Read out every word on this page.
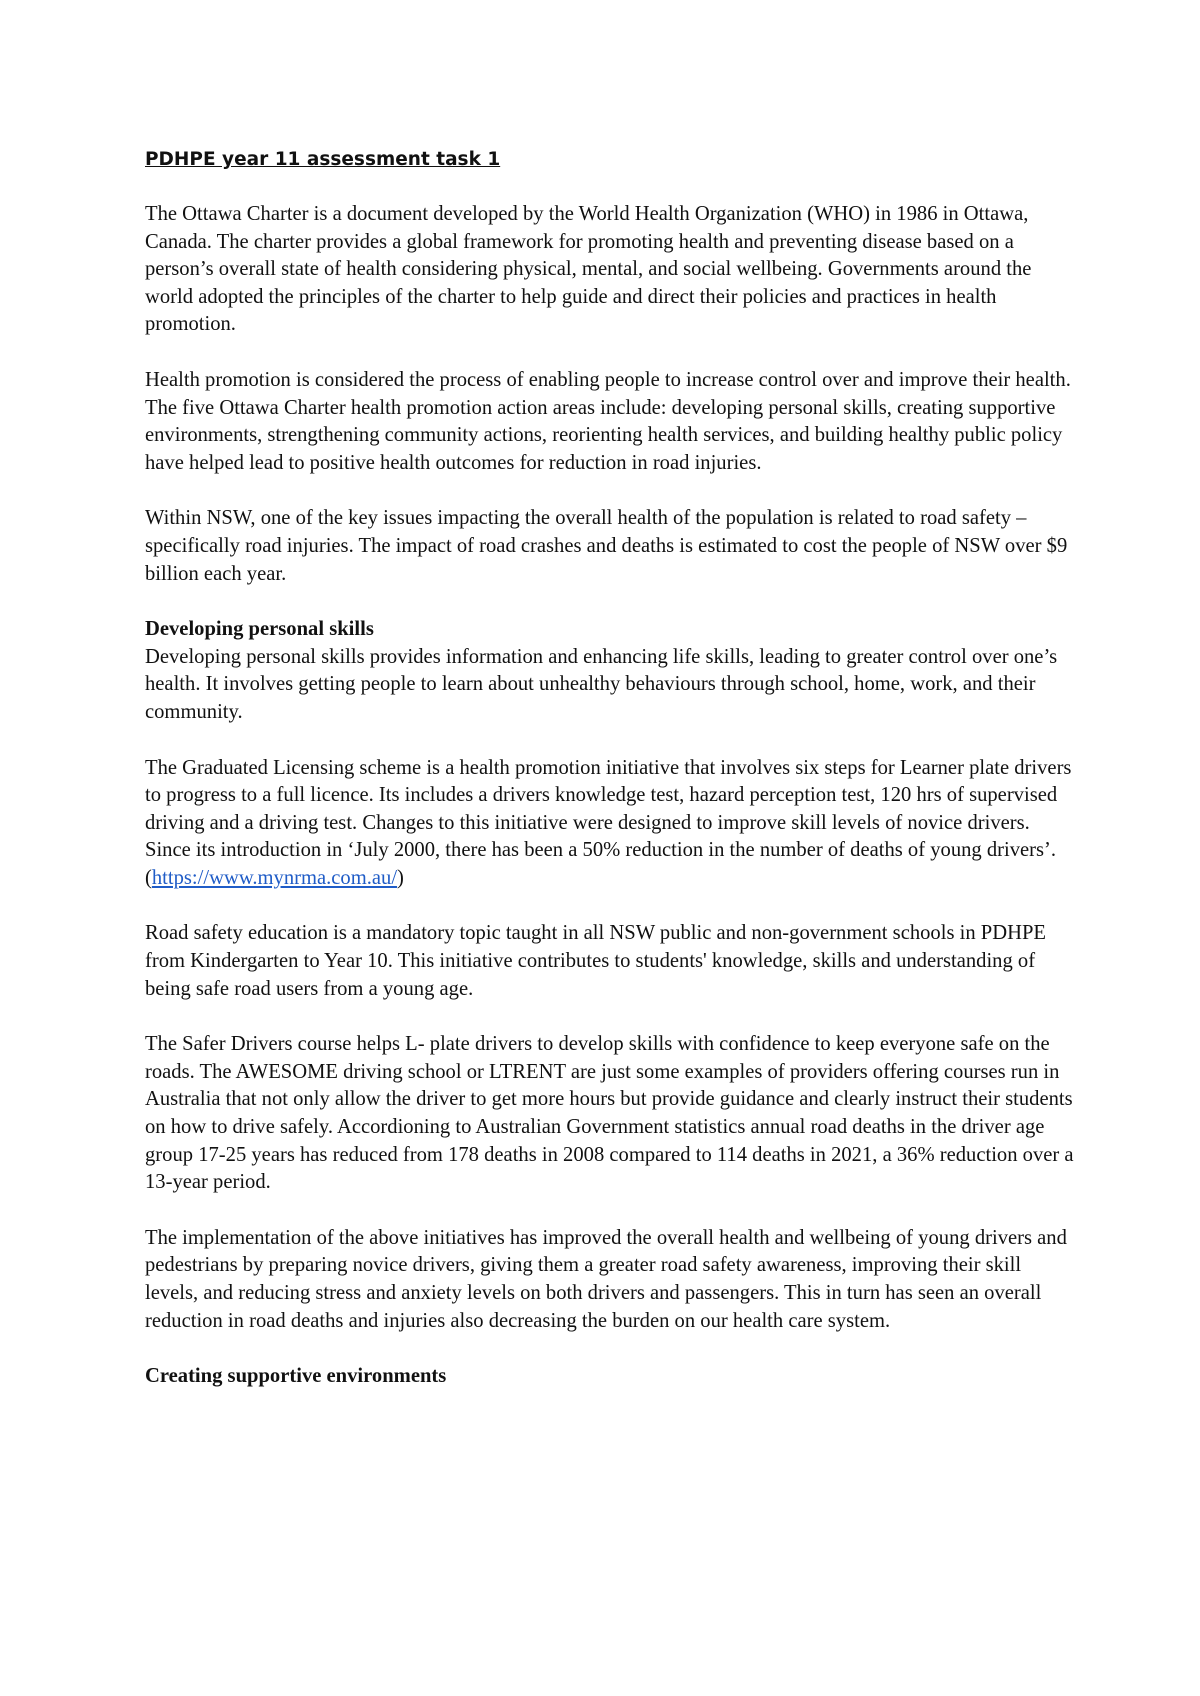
PDHPE year 11 assessment task 1

The Ottawa Charter is a document developed by the World Health Organization (WHO) in 1986 in Ottawa, Canada. The charter provides a global framework for promoting health and preventing disease based on a person’s overall state of health considering physical, mental, and social wellbeing. Governments around the world adopted the principles of the charter to help guide and direct their policies and practices in health promotion.

Health promotion is considered the process of enabling people to increase control over and improve their health. The five Ottawa Charter health promotion action areas include: developing personal skills, creating supportive environments, strengthening community actions, reorienting health services, and building healthy public policy have helped lead to positive health outcomes for reduction in road injuries.

Within NSW, one of the key issues impacting the overall health of the population is related to road safety – specifically road injuries. The impact of road crashes and deaths is estimated to cost the people of NSW over $9 billion each year.

Developing personal skills

Developing personal skills provides information and enhancing life skills, leading to greater control over one’s health. It involves getting people to learn about unhealthy behaviours through school, home, work, and their community.

The Graduated Licensing scheme is a health promotion initiative that involves six steps for Learner plate drivers to progress to a full licence. Its includes a drivers knowledge test, hazard perception test, 120 hrs of supervised driving and a driving test. Changes to this initiative were designed to improve skill levels of novice drivers. Since its introduction in ‘July 2000, there has been a 50% reduction in the number of deaths of young drivers’.
(https://www.mynrma.com.au/)

Road safety education is a mandatory topic taught in all NSW public and non-government schools in PDHPE from Kindergarten to Year 10. This initiative contributes to students' knowledge, skills and understanding of being safe road users from a young age.

The Safer Drivers course helps L- plate drivers to develop skills with confidence to keep everyone safe on the roads. The AWESOME driving school or LTRENT are just some examples of providers offering courses run in Australia that not only allow the driver to get more hours but provide guidance and clearly instruct their students on how to drive safely. Accordioning to Australian Government statistics annual road deaths in the driver age group 17-25 years has reduced from 178 deaths in 2008 compared to 114 deaths in 2021, a 36% reduction over a 13-year period.

The implementation of the above initiatives has improved the overall health and wellbeing of young drivers and pedestrians by preparing novice drivers, giving them a greater road safety awareness, improving their skill levels, and reducing stress and anxiety levels on both drivers and passengers. This in turn has seen an overall reduction in road deaths and injuries also decreasing the burden on our health care system.

Creating supportive environments
